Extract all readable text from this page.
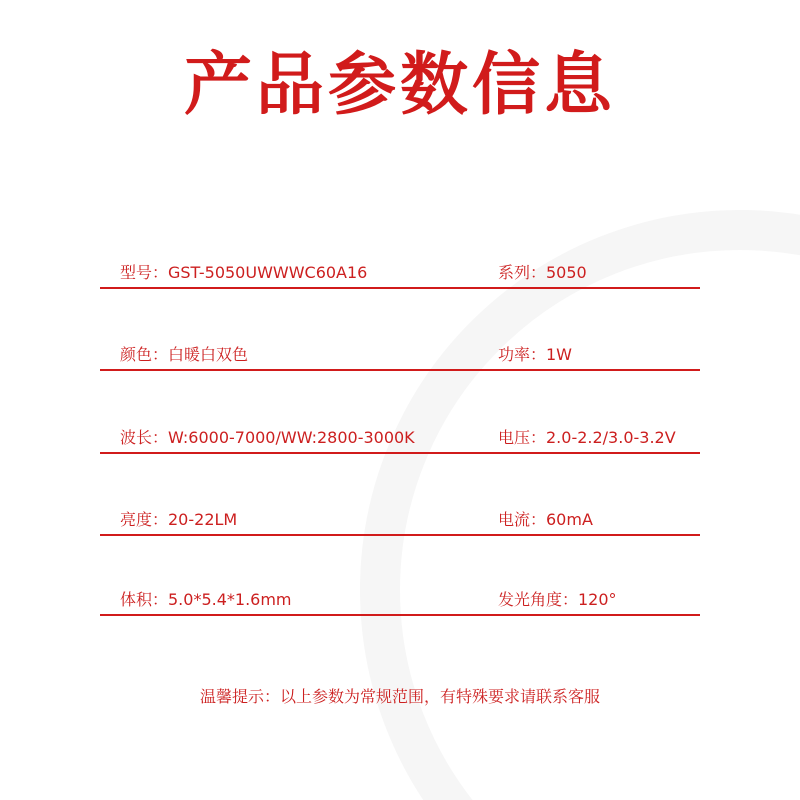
产品参数信息
型号：GST-5050UWWWC60A16	系列：5050
颜色：白暖白双色	功率：1W
波长：W:6000-7000/WW:2800-3000K	电压：2.0-2.2/3.0-3.2V
亮度：20-22LM	电流：60mA
体积：5.0*5.4*1.6mm	发光角度：120°
温馨提示：以上参数为常规范围，有特殊要求请联系客服
